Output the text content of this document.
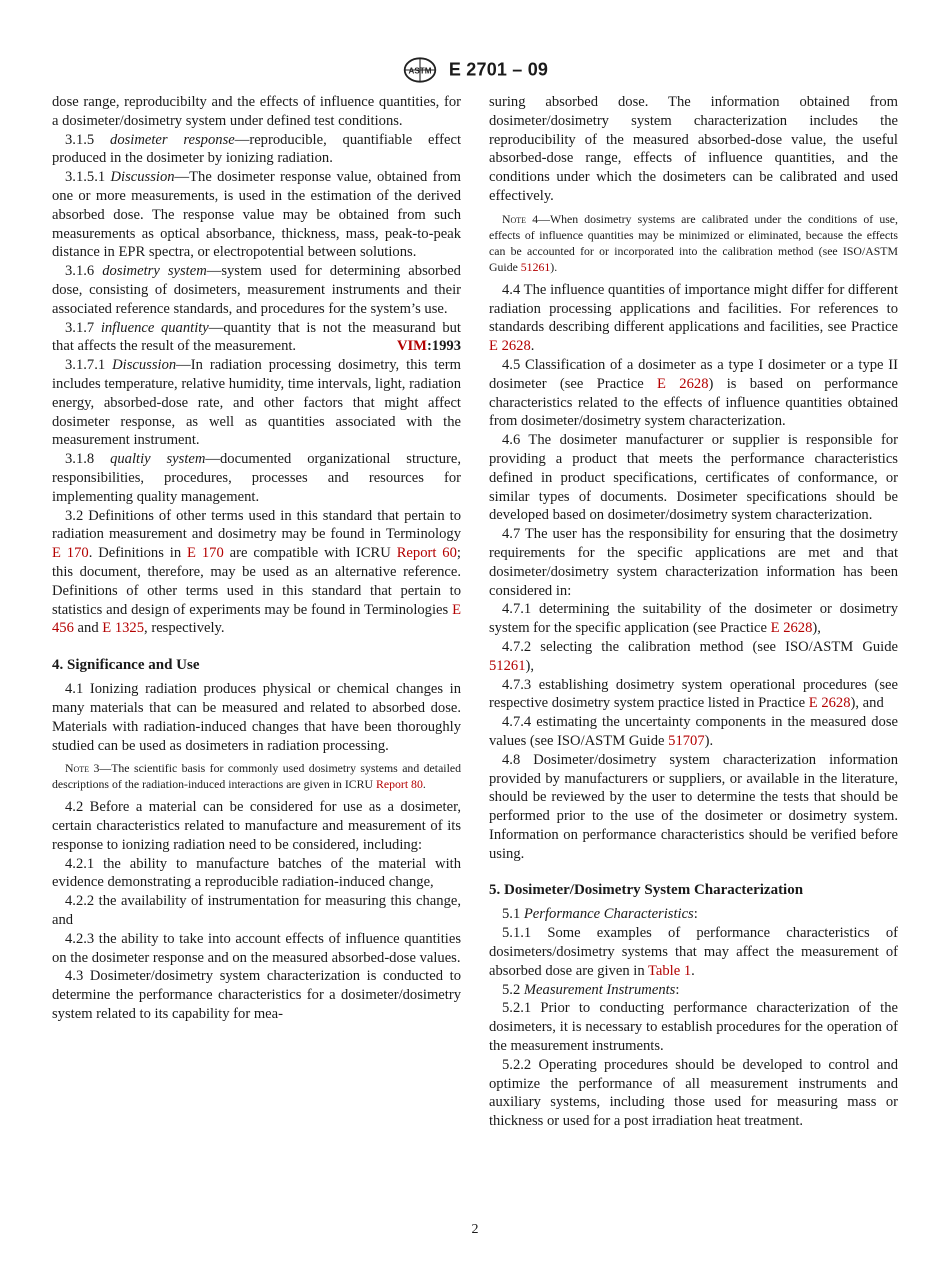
ASTM E 2701 – 09

dose range, reproducibilty and the effects of influence quantities, for a dosimeter/dosimetry system under defined test conditions.

3.1.5 dosimeter response—reproducible, quantifiable effect produced in the dosimeter by ionizing radiation.

3.1.5.1 Discussion—The dosimeter response value, obtained from one or more measurements, is used in the estimation of the derived absorbed dose. The response value may be obtained from such measurements as optical absorbance, thickness, mass, peak-to-peak distance in EPR spectra, or electropotential between solutions.

3.1.6 dosimetry system—system used for determining absorbed dose, consisting of dosimeters, measurement instruments and their associated reference standards, and procedures for the system’s use.

3.1.7 influence quantity—quantity that is not the measurand but that affects the result of the measurement.	VIM:1993

3.1.7.1 Discussion—In radiation processing dosimetry, this term includes temperature, relative humidity, time intervals, light, radiation energy, absorbed-dose rate, and other factors that might affect dosimeter response, as well as quantities associated with the measurement instrument.

3.1.8 qualtiy system—documented organizational structure, responsibilities, procedures, processes and resources for implementing quality management.

3.2 Definitions of other terms used in this standard that pertain to radiation measurement and dosimetry may be found in Terminology E 170. Definitions in E 170 are compatible with ICRU Report 60; this document, therefore, may be used as an alternative reference. Definitions of other terms used in this standard that pertain to statistics and design of experiments may be found in Terminologies E 456 and E 1325, respectively.

4. Significance and Use

4.1 Ionizing radiation produces physical or chemical changes in many materials that can be measured and related to absorbed dose. Materials with radiation-induced changes that have been thoroughly studied can be used as dosimeters in radiation processing.

Note 3—The scientific basis for commonly used dosimetry systems and detailed descriptions of the radiation-induced interactions are given in ICRU Report 80.

4.2 Before a material can be considered for use as a dosimeter, certain characteristics related to manufacture and measurement of its response to ionizing radiation need to be considered, including:

4.2.1 the ability to manufacture batches of the material with evidence demonstrating a reproducible radiation-induced change,

4.2.2 the availability of instrumentation for measuring this change, and

4.2.3 the ability to take into account effects of influence quantities on the dosimeter response and on the measured absorbed-dose values.

4.3 Dosimeter/dosimetry system characterization is conducted to determine the performance characteristics for a dosimeter/dosimetry system related to its capability for mea-

suring absorbed dose. The information obtained from dosimeter/dosimetry system characterization includes the reproducibility of the measured absorbed-dose value, the useful absorbed-dose range, effects of influence quantities, and the conditions under which the dosimeters can be calibrated and used effectively.

Note 4—When dosimetry systems are calibrated under the conditions of use, effects of influence quantities may be minimized or eliminated, because the effects can be accounted for or incorporated into the calibration method (see ISO/ASTM Guide 51261).

4.4 The influence quantities of importance might differ for different radiation processing applications and facilities. For references to standards describing different applications and facilities, see Practice E 2628.

4.5 Classification of a dosimeter as a type I dosimeter or a type II dosimeter (see Practice E 2628) is based on performance characteristics related to the effects of influence quantities obtained from dosimeter/dosimetry system characterization.

4.6 The dosimeter manufacturer or supplier is responsible for providing a product that meets the performance characteristics defined in product specifications, certificates of conformance, or similar types of documents. Dosimeter specifications should be developed based on dosimeter/dosimetry system characterization.

4.7 The user has the responsibility for ensuring that the dosimetry requirements for the specific applications are met and that dosimeter/dosimetry system characterization information has been considered in:

4.7.1 determining the suitability of the dosimeter or dosimetry system for the specific application (see Practice E 2628),

4.7.2 selecting the calibration method (see ISO/ASTM Guide 51261),

4.7.3 establishing dosimetry system operational procedures (see respective dosimetry system practice listed in Practice E 2628), and

4.7.4 estimating the uncertainty components in the measured dose values (see ISO/ASTM Guide 51707).

4.8 Dosimeter/dosimetry system characterization information provided by manufacturers or suppliers, or available in the literature, should be reviewed by the user to determine the tests that should be performed prior to the use of the dosimeter or dosimetry system. Information on performance characteristics should be verified before using.

5. Dosimeter/Dosimetry System Characterization

5.1 Performance Characteristics:

5.1.1 Some examples of performance characteristics of dosimeters/dosimetry systems that may affect the measurement of absorbed dose are given in Table 1.

5.2 Measurement Instruments:

5.2.1 Prior to conducting performance characterization of the dosimeters, it is necessary to establish procedures for the operation of the measurement instruments.

5.2.2 Operating procedures should be developed to control and optimize the performance of all measurement instruments and auxiliary systems, including those used for measuring mass or thickness or used for a post irradiation heat treatment.

2
